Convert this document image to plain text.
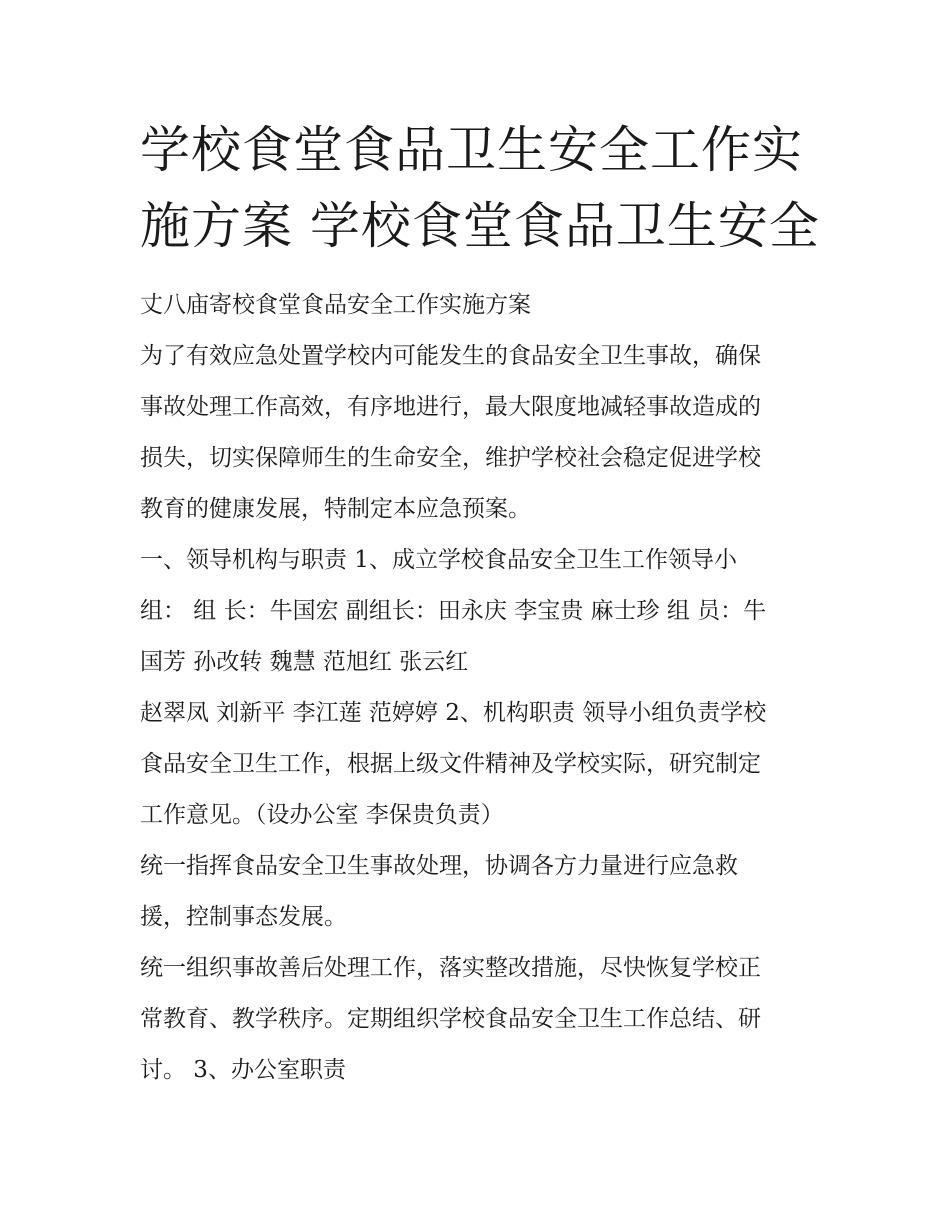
学校食堂食品卫生安全工作实
施方案 学校食堂食品卫生安全

丈八庙寄校食堂食品安全工作实施方案

为了有效应急处置学校内可能发生的食品安全卫生事故，确保
事故处理工作高效，有序地进行，最大限度地减轻事故造成的
损失，切实保障师生的生命安全，维护学校社会稳定促进学校
教育的健康发展，特制定本应急预案。

一、领导机构与职责 1、成立学校食品安全卫生工作领导小
组： 组 长：牛国宏 副组长：田永庆 李宝贵 麻士珍 组 员：牛
国芳 孙改转 魏慧 范旭红 张云红

赵翠凤 刘新平 李江莲 范婷婷 2、机构职责 领导小组负责学校
食品安全卫生工作，根据上级文件精神及学校实际，研究制定
工作意见。（设办公室 李保贵负责）

统一指挥食品安全卫生事故处理，协调各方力量进行应急救
援，控制事态发展。

统一组织事故善后处理工作，落实整改措施，尽快恢复学校正
常教育、教学秩序。定期组织学校食品安全卫生工作总结、研
讨。 3、办公室职责
